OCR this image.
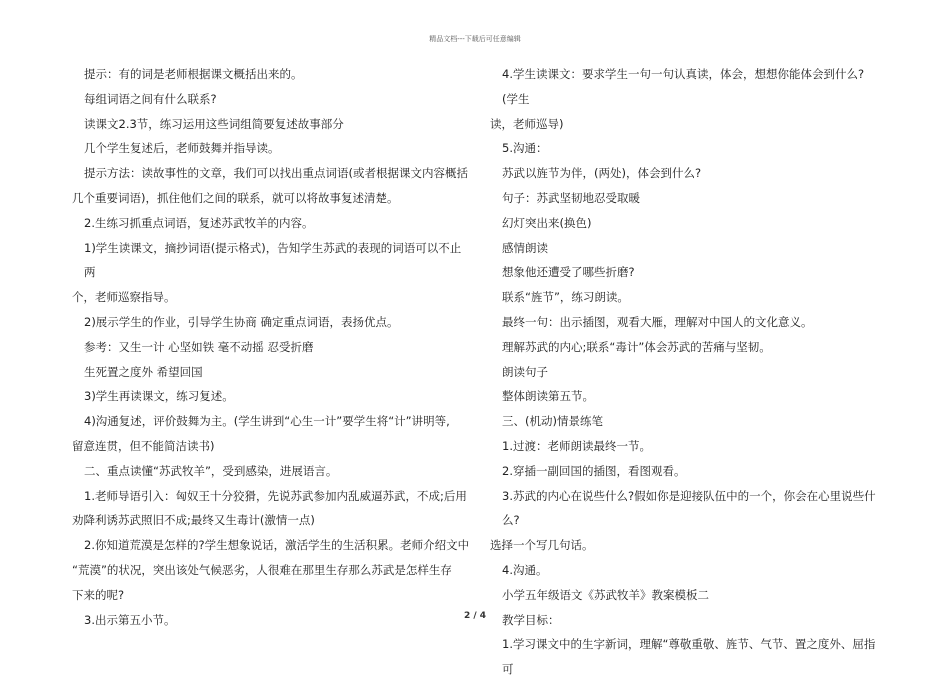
精品文档---下载后可任意编辑

提示：有的词是老师根据课文概括出来的。

每组词语之间有什么联系?

读课文2.3节，练习运用这些词组简要复述故事部分

几个学生复述后，老师鼓舞并指导读。

提示方法：读故事性的文章，我们可以找出重点词语(或者根据课文内容概括

几个重要词语)，抓住他们之间的联系，就可以将故事复述清楚。

2.生练习抓重点词语，复述苏武牧羊的内容。

1)学生读课文，摘抄词语(提示格式)，告知学生苏武的表现的词语可以不止两

个，老师巡察指导。

2)展示学生的作业，引导学生协商 确定重点词语，表扬优点。

参考：又生一计 心坚如铁 毫不动摇 忍受折磨

生死置之度外 希望回国

3)学生再读课文，练习复述。

4)沟通复述，评价鼓舞为主。(学生讲到“心生一计”要学生将“计”讲明等,

留意连贯，但不能简洁读书)

二、重点读懂“苏武牧羊”，受到感染，进展语言。

1.老师导语引入：匈奴王十分狡猾，先说苏武参加内乱威逼苏武，不成;后用

劝降利诱苏武照旧不成;最终又生毒计(激情一点)

2.你知道荒漠是怎样的?学生想象说话，激活学生的生活积累。老师介绍文中

“荒漠”的状况，突出该处气候恶劣，人很难在那里生存那么苏武是怎样生存

下来的呢?

3.出示第五小节。

4.学生读课文：要求学生一句一句认真读，体会，想想你能体会到什么?(学生

读，老师巡导)

5.沟通：

苏武以旌节为伴，(两处)，体会到什么?

句子：苏武坚韧地忍受取暖

幻灯突出来(换色)

感情朗读

想象他还遭受了哪些折磨?

联系“旌节”，练习朗读。

最终一句：出示插图，观看大雁，理解对中国人的文化意义。

理解苏武的内心;联系“毒计”体会苏武的苦痛与坚韧。

朗读句子

整体朗读第五节。

三、(机动)情景练笔

1.过渡：老师朗读最终一节。

2.穿插一副回国的插图，看图观看。

3.苏武的内心在说些什么?假如你是迎接队伍中的一个，你会在心里说些什么?

选择一个写几句话。

4.沟通。

小学五年级语文《苏武牧羊》教案模板二

教学目标：

1.学习课文中的生字新词，理解“尊敬重敬、旌节、气节、置之度外、屈指可

2 / 4
